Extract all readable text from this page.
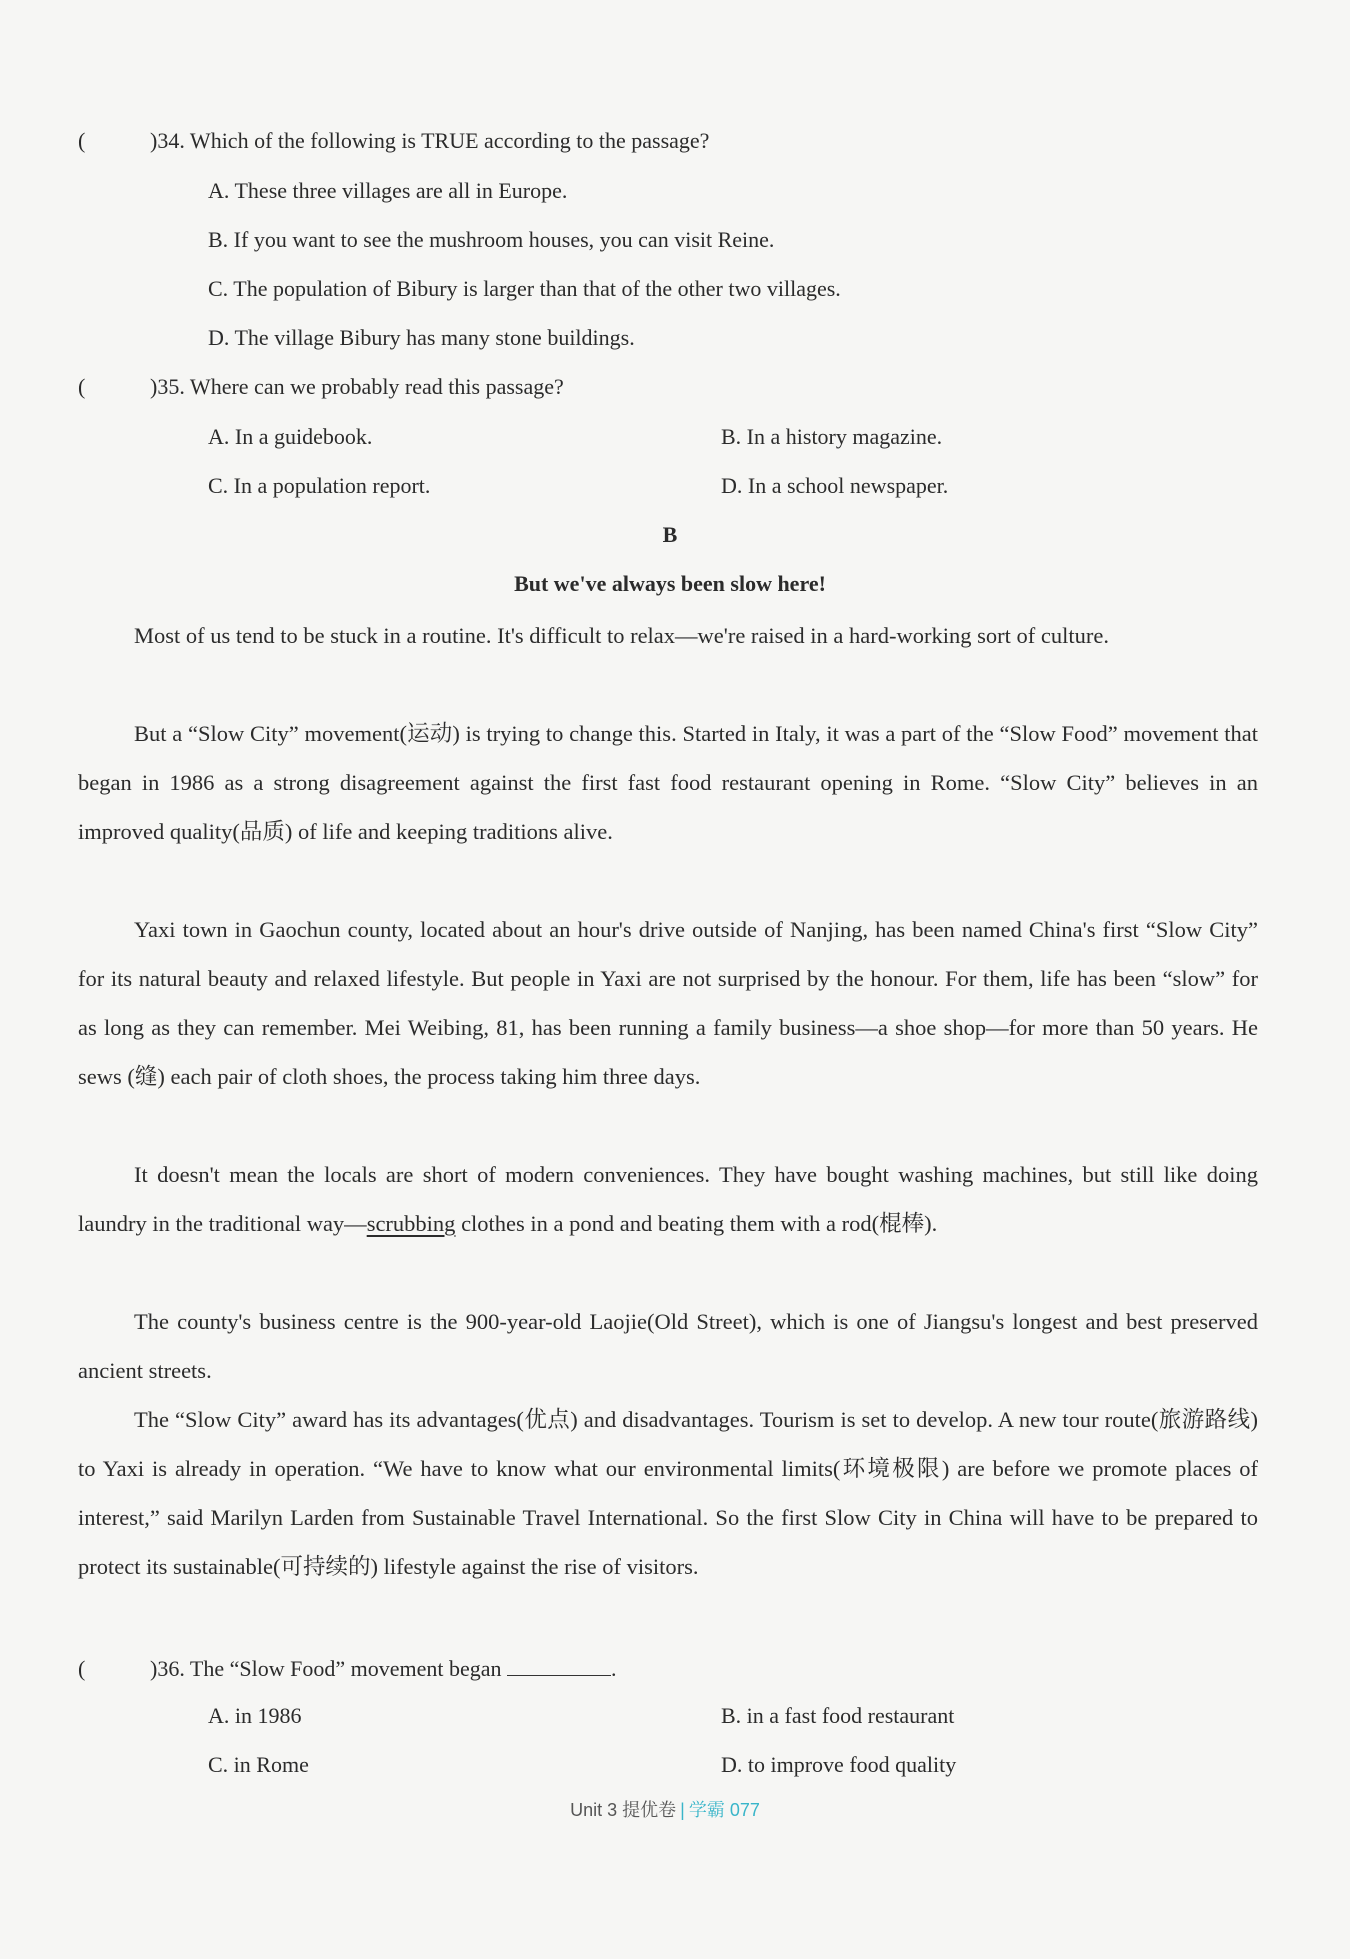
(	)34. Which of the following is TRUE according to the passage?
A. These three villages are all in Europe.
B. If you want to see the mushroom houses, you can visit Reine.
C. The population of Bibury is larger than that of the other two villages.
D. The village Bibury has many stone buildings.
(	)35. Where can we probably read this passage?
A. In a guidebook.	B. In a history magazine.
C. In a population report.	D. In a school newspaper.
B
But we've always been slow here!
Most of us tend to be stuck in a routine. It's difficult to relax—we're raised in a hard-working sort of culture.
But a “Slow City” movement(运动) is trying to change this. Started in Italy, it was a part of the “Slow Food” movement that began in 1986 as a strong disagreement against the first fast food restaurant opening in Rome. “Slow City” believes in an improved quality(品质) of life and keeping traditions alive.
Yaxi town in Gaochun county, located about an hour's drive outside of Nanjing, has been named China's first “Slow City” for its natural beauty and relaxed lifestyle. But people in Yaxi are not surprised by the honour. For them, life has been “slow” for as long as they can remember. Mei Weibing, 81, has been running a family business—a shoe shop—for more than 50 years. He sews (缝) each pair of cloth shoes, the process taking him three days.
It doesn't mean the locals are short of modern conveniences. They have bought washing machines, but still like doing laundry in the traditional way—scrubbing clothes in a pond and beating them with a rod(棍棒).
The county's business centre is the 900-year-old Laojie(Old Street), which is one of Jiangsu's longest and best preserved ancient streets.
The “Slow City” award has its advantages(优点) and disadvantages. Tourism is set to develop. A new tour route(旅游路线) to Yaxi is already in operation. “We have to know what our environmental limits(环境极限) are before we promote places of interest,” said Marilyn Larden from Sustainable Travel International. So the first Slow City in China will have to be prepared to protect its sustainable(可持续的) lifestyle against the rise of visitors.
(	)36. The “Slow Food” movement began	.
A. in 1986	B. in a fast food restaurant
C. in Rome	D. to improve food quality
Unit 3 提优卷 | 学霸 077
